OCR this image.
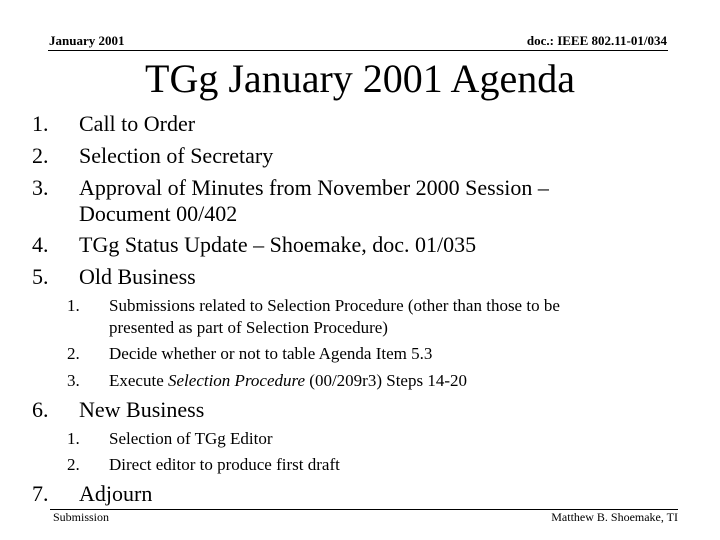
January 2001	doc.: IEEE 802.11-01/034
TGg January 2001 Agenda
1. Call to Order
2. Selection of Secretary
3. Approval of Minutes from November 2000 Session –
Document 00/402
4. TGg Status Update – Shoemake, doc. 01/035
5. Old Business
1. Submissions related to Selection Procedure (other than those to be
presented as part of Selection Procedure)
2. Decide whether or not to table Agenda Item 5.3
3. Execute Selection Procedure (00/209r3) Steps 14-20
6. New Business
1. Selection of TGg Editor
2. Direct editor to produce first draft
7. Adjourn
Submission	Matthew B. Shoemake, TI
